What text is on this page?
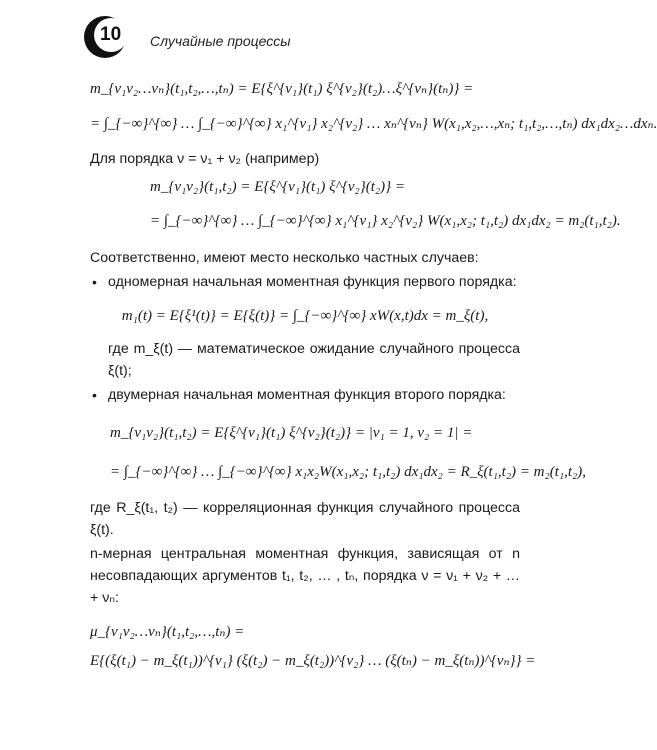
10 Случайные процессы
m_{ν₁ν₂…νₙ}(t₁,t₂,…,tₙ) = E{ξ^{ν₁}(t₁) ξ^{ν₂}(t₂)…ξ^{νₙ}(tₙ)} =
= ∫_{−∞}^{∞} … ∫_{−∞}^{∞} x₁^{ν₁} x₂^{ν₂} … xₙ^{νₙ} W(x₁,x₂,…,xₙ; t₁,t₂,…,tₙ) dx₁dx₂…dxₙ.
Для порядка ν = ν₁ + ν₂ (например)
m_{ν₁ν₂}(t₁,t₂) = E{ξ^{ν₁}(t₁) ξ^{ν₂}(t₂)} =
= ∫_{−∞}^{∞} … ∫_{−∞}^{∞} x₁^{ν₁} x₂^{ν₂} W(x₁,x₂; t₁,t₂) dx₁dx₂ = m₂(t₁,t₂).
Соответственно, имеют место несколько частных случаев:
• одномерная начальная моментная функция первого порядка:
m₁(t) = E{ξ¹(t)} = E{ξ(t)} = ∫_{−∞}^{∞} xW(x,t)dx = m_ξ(t),
где m_ξ(t) — математическое ожидание случайного процесса ξ(t);
• двумерная начальная моментная функция второго порядка:
m_{ν₁ν₂}(t₁,t₂) = E{ξ^{ν₁}(t₁) ξ^{ν₂}(t₂)} = |ν₁ = 1, ν₂ = 1| =
= ∫_{−∞}^{∞} … ∫_{−∞}^{∞} x₁x₂W(x₁,x₂; t₁,t₂) dx₁dx₂ = R_ξ(t₁,t₂) = m₂(t₁,t₂),
где R_ξ(t₁, t₂) — корреляционная функция случайного процесса ξ(t).
n-мерная центральная моментная функция, зависящая от n несовпадающих аргументов t₁, t₂, … , tₙ, порядка ν = ν₁ + ν₂ + … + νₙ:
μ_{ν₁ν₂…νₙ}(t₁,t₂,…,tₙ) =
E{(ξ(t₁) − m_ξ(t₁))^{ν₁} (ξ(t₂) − m_ξ(t₂))^{ν₂} … (ξ(tₙ) − m_ξ(tₙ))^{νₙ}} =
